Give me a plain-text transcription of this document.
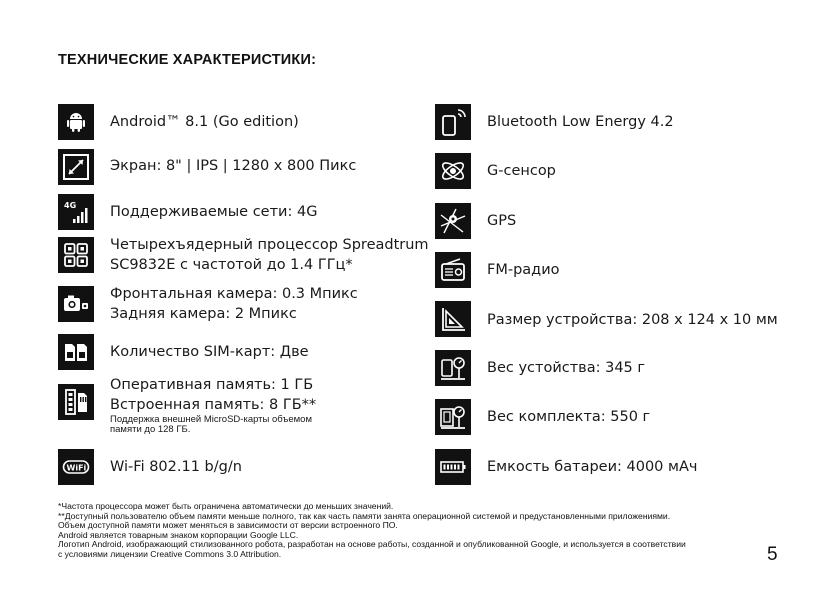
ТЕХНИЧЕСКИЕ ХАРАКТЕРИСТИКИ:
Android™ 8.1 (Go edition)
Экран: 8" | IPS | 1280 x 800 Пикс
4G Поддерживаемые сети: 4G
Четырехъядерный процессор Spreadtrum
SC9832E с частотой до 1.4 ГГц*
Фронтальная камера: 0.3 Мпикс
Задняя камера: 2 Мпикс
Количество SIM-карт: Две
Оперативная память: 1 ГБ
Встроенная память: 8 ГБ**
Поддержка внешней MicroSD-карты объемом
памяти до 128 ГБ.
WiFi Wi-Fi 802.11 b/g/n
Bluetooth Low Energy 4.2
G-сенсор
GPS
FM-радио
Размер устройства: 208 x 124 x 10 мм
Вес устойства: 345 г
Вес комплекта: 550 г
Емкость батареи: 4000 мАч
*Частота процессора может быть ограничена автоматически до меньших значений.
**Доступный пользователю объем памяти меньше полного, так как часть памяти занята операционной системой и предустановленными приложениями.
Объем доступной памяти может меняться в зависимости от версии встроенного ПО.
Android является товарным знаком корпорации Google LLC.
Логотип Android, изображающий стилизованного робота, разработан на основе работы, созданной и опубликованной Google, и используется в соответствии
с условиями лицензии Creative Commons 3.0 Attribution.	5
